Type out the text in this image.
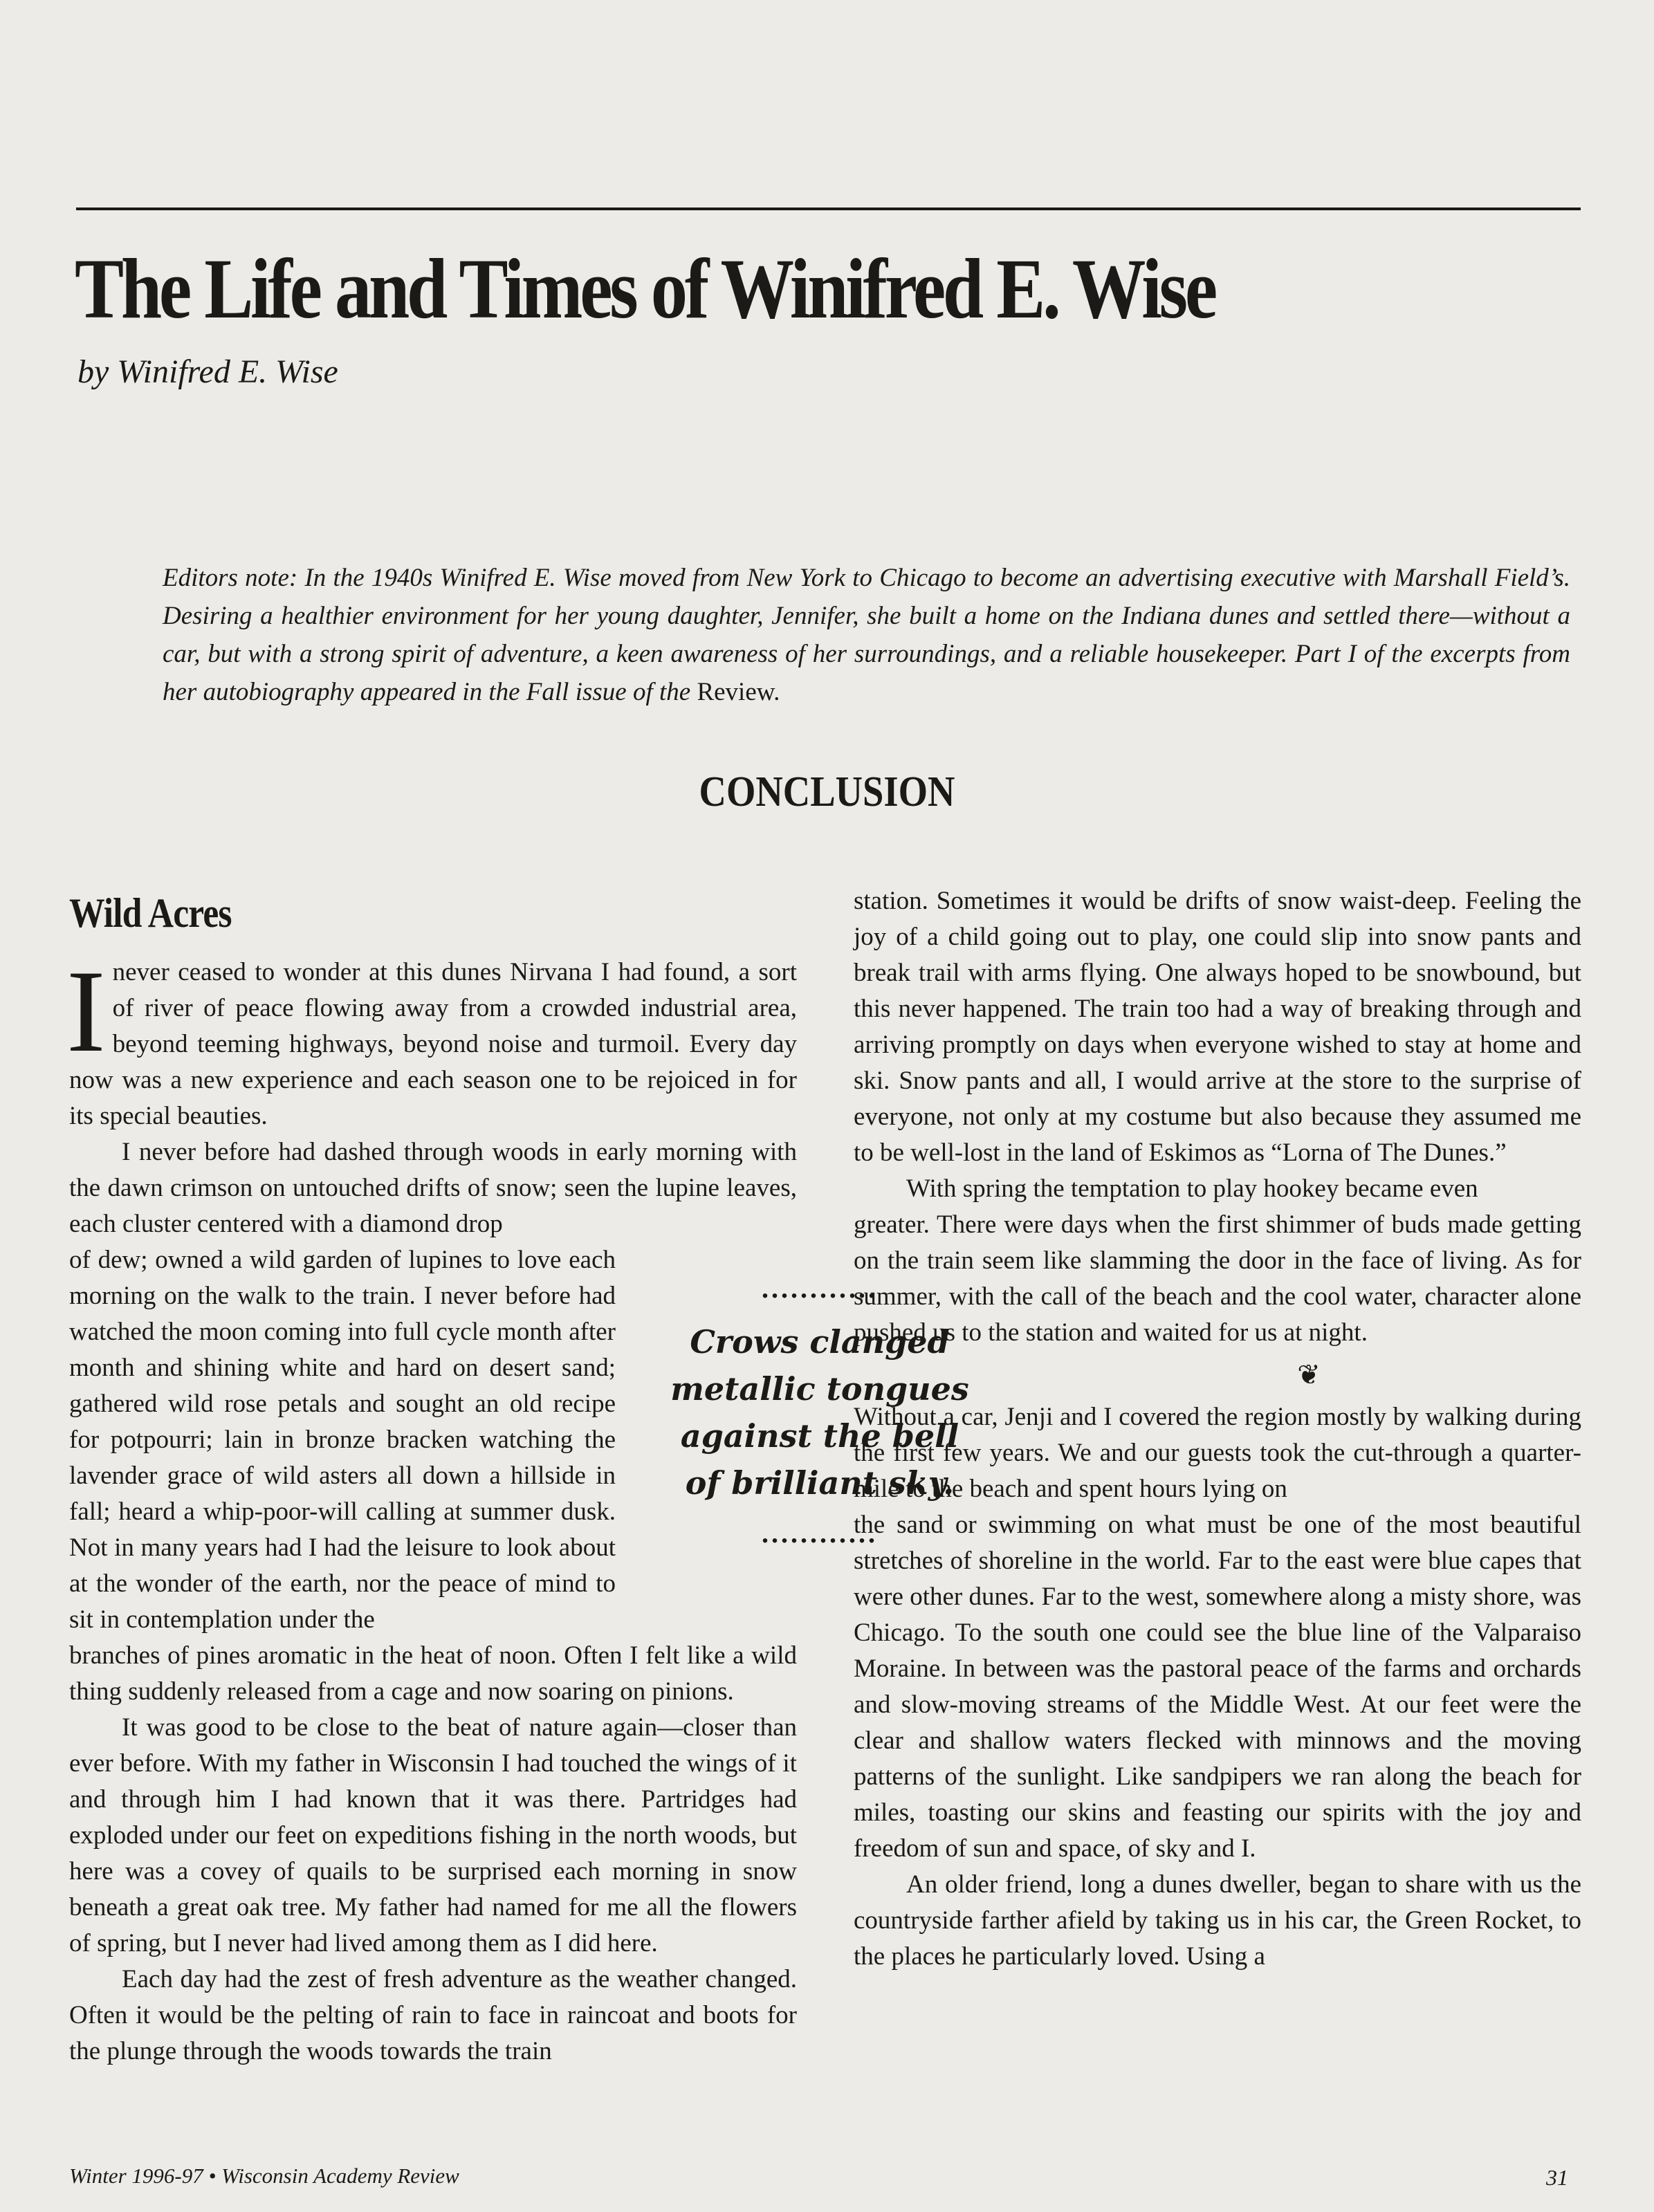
The Life and Times of Winifred E. Wise
by Winifred E. Wise
Editors note: In the 1940s Winifred E. Wise moved from New York to Chicago to become an advertising executive with Marshall Field’s. Desiring a healthier environment for her young daughter, Jennifer, she built a home on the Indiana dunes and settled there—without a car, but with a strong spirit of adventure, a keen awareness of her surroundings, and a reliable housekeeper. Part I of the excerpts from her autobiography appeared in the Fall issue of the Review.
CONCLUSION
Wild Acres

Inever ceased to wonder at this dunes Nirvana I had found, a sort of river of peace flowing away from a crowded industrial area, beyond teeming highways, beyond noise and turmoil. Every day now was a new experience and each season one to be rejoiced in for its special beauties.

I never before had dashed through woods in early morning with the dawn crimson on untouched drifts of snow; seen the lupine leaves, each cluster centered with a diamond drop

of dew; owned a wild garden of lupines to love each morning on the walk to the train. I never before had watched the moon coming into full cycle month after month and shining white and hard on desert sand; gathered wild rose petals and sought an old recipe for potpourri; lain in bronze bracken watching the lavender grace of wild asters all down a hillside in fall; heard a whip-poor-will calling at summer dusk. Not in many years had I had the leisure to look about at the wonder of the earth, nor the peace of mind to sit in contemplation under the

branches of pines aromatic in the heat of noon. Often I felt like a wild thing suddenly released from a cage and now soaring on pinions.

It was good to be close to the beat of nature again—closer than ever before. With my father in Wisconsin I had touched the wings of it and through him I had known that it was there. Partridges had exploded under our feet on expeditions fishing in the north woods, but here was a covey of quails to be surprised each morning in snow beneath a great oak tree. My father had named for me all the flowers of spring, but I never had lived among them as I did here.

Each day had the zest of fresh adventure as the weather changed. Often it would be the pelting of rain to face in raincoat and boots for the plunge through the woods towards the train

............
Crows clanged metallic tongues against the bell of brilliant sky.
............

station. Sometimes it would be drifts of snow waist-deep. Feeling the joy of a child going out to play, one could slip into snow pants and break trail with arms flying. One always hoped to be snowbound, but this never happened. The train too had a way of breaking through and arriving promptly on days when everyone wished to stay at home and ski. Snow pants and all, I would arrive at the store to the surprise of everyone, not only at my costume but also because they assumed me to be well-lost in the land of Eskimos as “Lorna of The Dunes.”

With spring the temptation to play hookey became even

greater. There were days when the first shimmer of buds made getting on the train seem like slamming the door in the face of living. As for summer, with the call of the beach and the cool water, character alone pushed us to the station and waited for us at night.

❦

Without a car, Jenji and I covered the region mostly by walking during the first few years. We and our guests took the cut-through a quarter-mile to the beach and spent hours lying on

the sand or swimming on what must be one of the most beautiful stretches of shoreline in the world. Far to the east were blue capes that were other dunes. Far to the west, somewhere along a misty shore, was Chicago. To the south one could see the blue line of the Valparaiso Moraine. In between was the pastoral peace of the farms and orchards and slow-moving streams of the Middle West. At our feet were the clear and shallow waters flecked with minnows and the moving patterns of the sunlight. Like sandpipers we ran along the beach for miles, toasting our skins and feasting our spirits with the joy and freedom of sun and space, of sky and I.

An older friend, long a dunes dweller, began to share with us the countryside farther afield by taking us in his car, the Green Rocket, to the places he particularly loved. Using a

Winter 1996-97 • Wisconsin Academy Review	31
